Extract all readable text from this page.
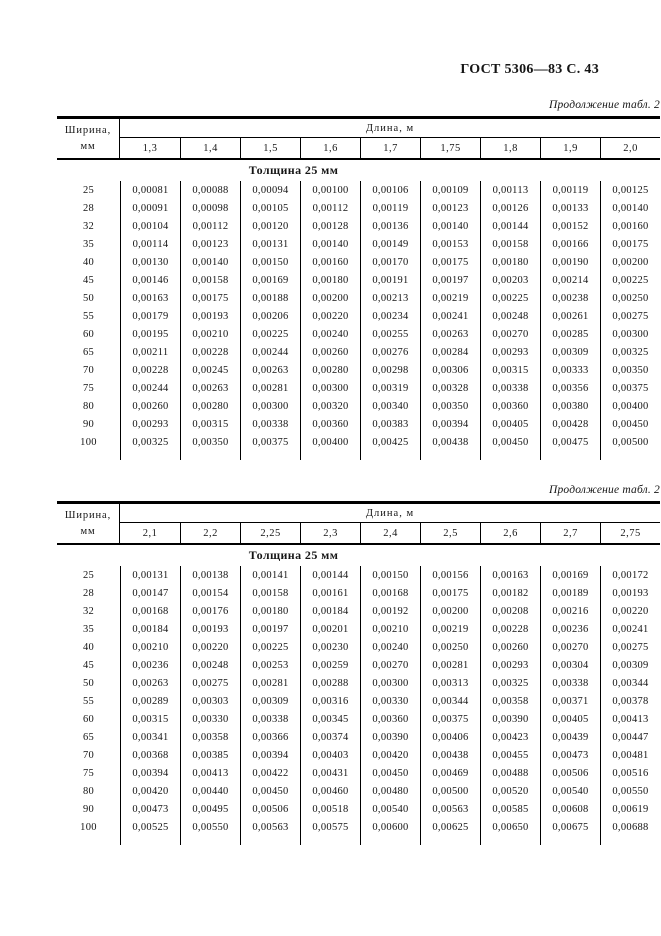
ГОСТ 5306—83 С. 43
Продолжение табл. 2
Ширина,
мм
Длина, м
1,3	1,4	1,5	1,6	1,7	1,75	1,8	1,9	2,0
Толщина 25 мм
25	0,00081	0,00088	0,00094	0,00100	0,00106	0,00109	0,00113	0,00119	0,00125
28	0,00091	0,00098	0,00105	0,00112	0,00119	0,00123	0,00126	0,00133	0,00140
32	0,00104	0,00112	0,00120	0,00128	0,00136	0,00140	0,00144	0,00152	0,00160
35	0,00114	0,00123	0,00131	0,00140	0,00149	0,00153	0,00158	0,00166	0,00175
40	0,00130	0,00140	0,00150	0,00160	0,00170	0,00175	0,00180	0,00190	0,00200
45	0,00146	0,00158	0,00169	0,00180	0,00191	0,00197	0,00203	0,00214	0,00225
50	0,00163	0,00175	0,00188	0,00200	0,00213	0,00219	0,00225	0,00238	0,00250
55	0,00179	0,00193	0,00206	0,00220	0,00234	0,00241	0,00248	0,00261	0,00275
60	0,00195	0,00210	0,00225	0,00240	0,00255	0,00263	0,00270	0,00285	0,00300
65	0,00211	0,00228	0,00244	0,00260	0,00276	0,00284	0,00293	0,00309	0,00325
70	0,00228	0,00245	0,00263	0,00280	0,00298	0,00306	0,00315	0,00333	0,00350
75	0,00244	0,00263	0,00281	0,00300	0,00319	0,00328	0,00338	0,00356	0,00375
80	0,00260	0,00280	0,00300	0,00320	0,00340	0,00350	0,00360	0,00380	0,00400
90	0,00293	0,00315	0,00338	0,00360	0,00383	0,00394	0,00405	0,00428	0,00450
100	0,00325	0,00350	0,00375	0,00400	0,00425	0,00438	0,00450	0,00475	0,00500
Продолжение табл. 2
Ширина,
мм
Длина, м
2,1	2,2	2,25	2,3	2,4	2,5	2,6	2,7	2,75
Толщина 25 мм
25	0,00131	0,00138	0,00141	0,00144	0,00150	0,00156	0,00163	0,00169	0,00172
28	0,00147	0,00154	0,00158	0,00161	0,00168	0,00175	0,00182	0,00189	0,00193
32	0,00168	0,00176	0,00180	0,00184	0,00192	0,00200	0,00208	0,00216	0,00220
35	0,00184	0,00193	0,00197	0,00201	0,00210	0,00219	0,00228	0,00236	0,00241
40	0,00210	0,00220	0,00225	0,00230	0,00240	0,00250	0,00260	0,00270	0,00275
45	0,00236	0,00248	0,00253	0,00259	0,00270	0,00281	0,00293	0,00304	0,00309
50	0,00263	0,00275	0,00281	0,00288	0,00300	0,00313	0,00325	0,00338	0,00344
55	0,00289	0,00303	0,00309	0,00316	0,00330	0,00344	0,00358	0,00371	0,00378
60	0,00315	0,00330	0,00338	0,00345	0,00360	0,00375	0,00390	0,00405	0,00413
65	0,00341	0,00358	0,00366	0,00374	0,00390	0,00406	0,00423	0,00439	0,00447
70	0,00368	0,00385	0,00394	0,00403	0,00420	0,00438	0,00455	0,00473	0,00481
75	0,00394	0,00413	0,00422	0,00431	0,00450	0,00469	0,00488	0,00506	0,00516
80	0,00420	0,00440	0,00450	0,00460	0,00480	0,00500	0,00520	0,00540	0,00550
90	0,00473	0,00495	0,00506	0,00518	0,00540	0,00563	0,00585	0,00608	0,00619
100	0,00525	0,00550	0,00563	0,00575	0,00600	0,00625	0,00650	0,00675	0,00688
